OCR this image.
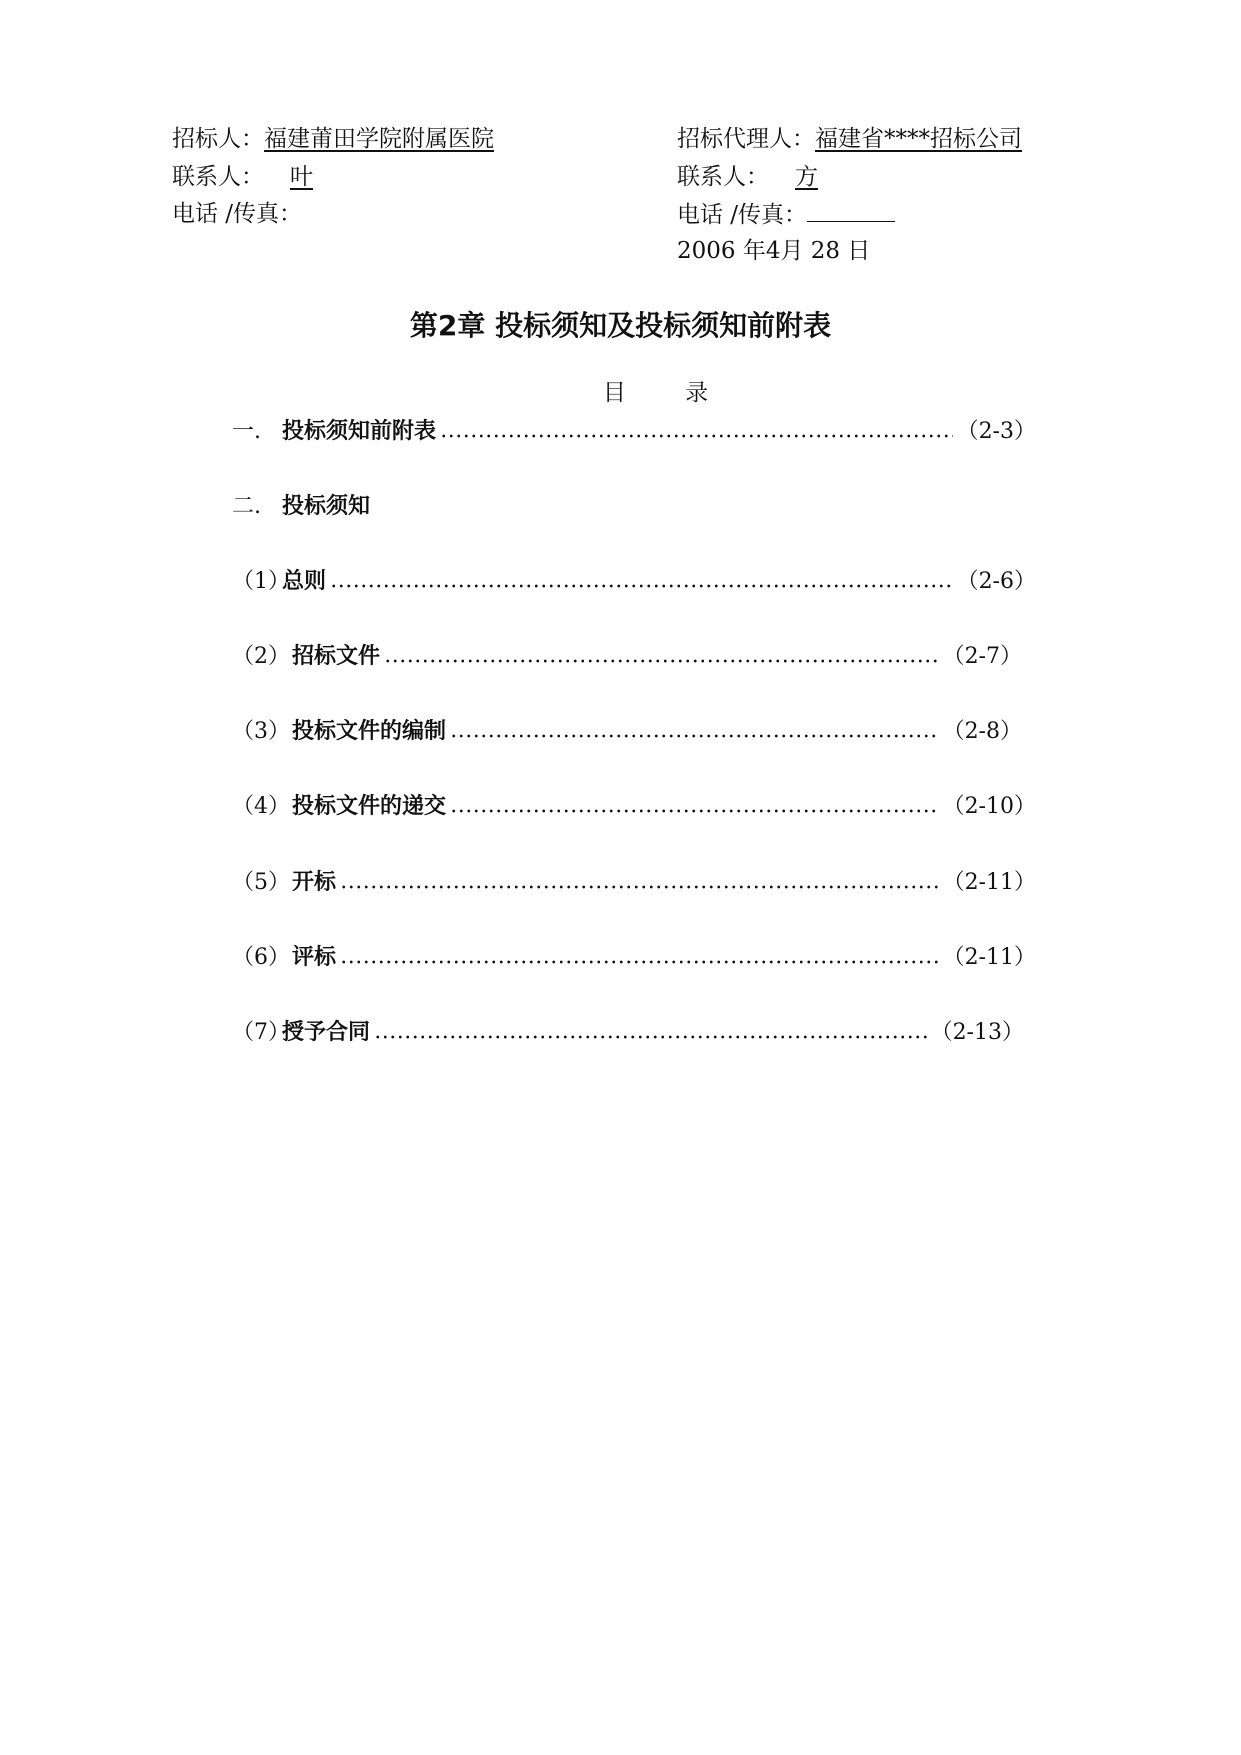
招标人：福建莆田学院附属医院
联系人： 叶
电话 /传真：
招标代理人：福建省****招标公司
联系人： 方
电话 /传真：
2006 年4月 28 日
第2章 投标须知及投标须知前附表
目 录
一. 投标须知前附表	（2-3）
二. 投标须知
（1）
总则	（2-6）
（2） 招标文件	（2-7）
（3） 投标文件的编制	（2-8）
（4） 投标文件的递交	（2-10）
（5） 开标	（2-11）
（6） 评标	（2-11）
（7）
授予合同	（2-13）
